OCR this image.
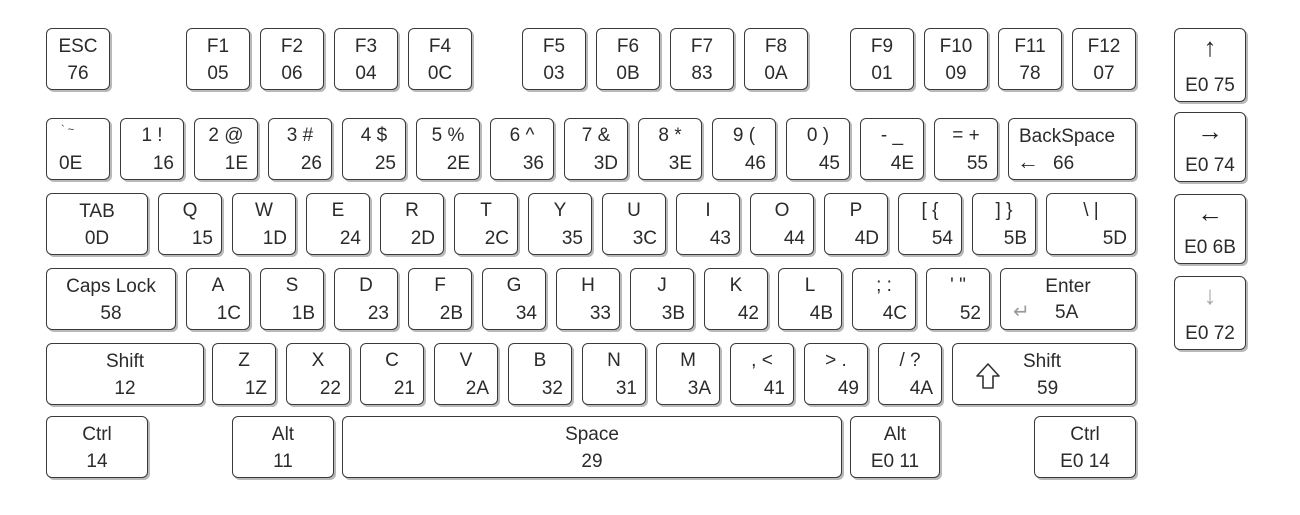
ESC
76
F1
05
F2
06
F3
04
F4
0C
F5
03
F6
0B
F7
83
F8
0A
F9
01
F10
09
F11
78
F12
07
` ~
0E
1 !
16
2 @
1E
3 #
26
4 $
25
5 %
2E
6 ^
36
7 &
3D
8 *
3E
9 (
46
0 )
45
- _
4E
= +
55
BackSpace
← 66
TAB
0D
Q
15
W
1D
E
24
R
2D
T
2C
Y
35
U
3C
I
43
O
44
P
4D
[ {
54
] }
5B
\ |
5D
Caps Lock
58
A
1C
S
1B
D
23
F
2B
G
34
H
33
J
3B
K
42
L
4B
; :
4C
' "
52
Enter
↵ 5A
Shift
12
Z
1Z
X
22
C
21
V
2A
B
32
N
31
M
3A
, <
41
> .
49
/ ?
4A
Shift
59
Ctrl
14
Alt
11
Space
29
Alt
E0 11
Ctrl
E0 14
↑
E0 75
→
E0 74
←
E0 6B
↓
E0 72
